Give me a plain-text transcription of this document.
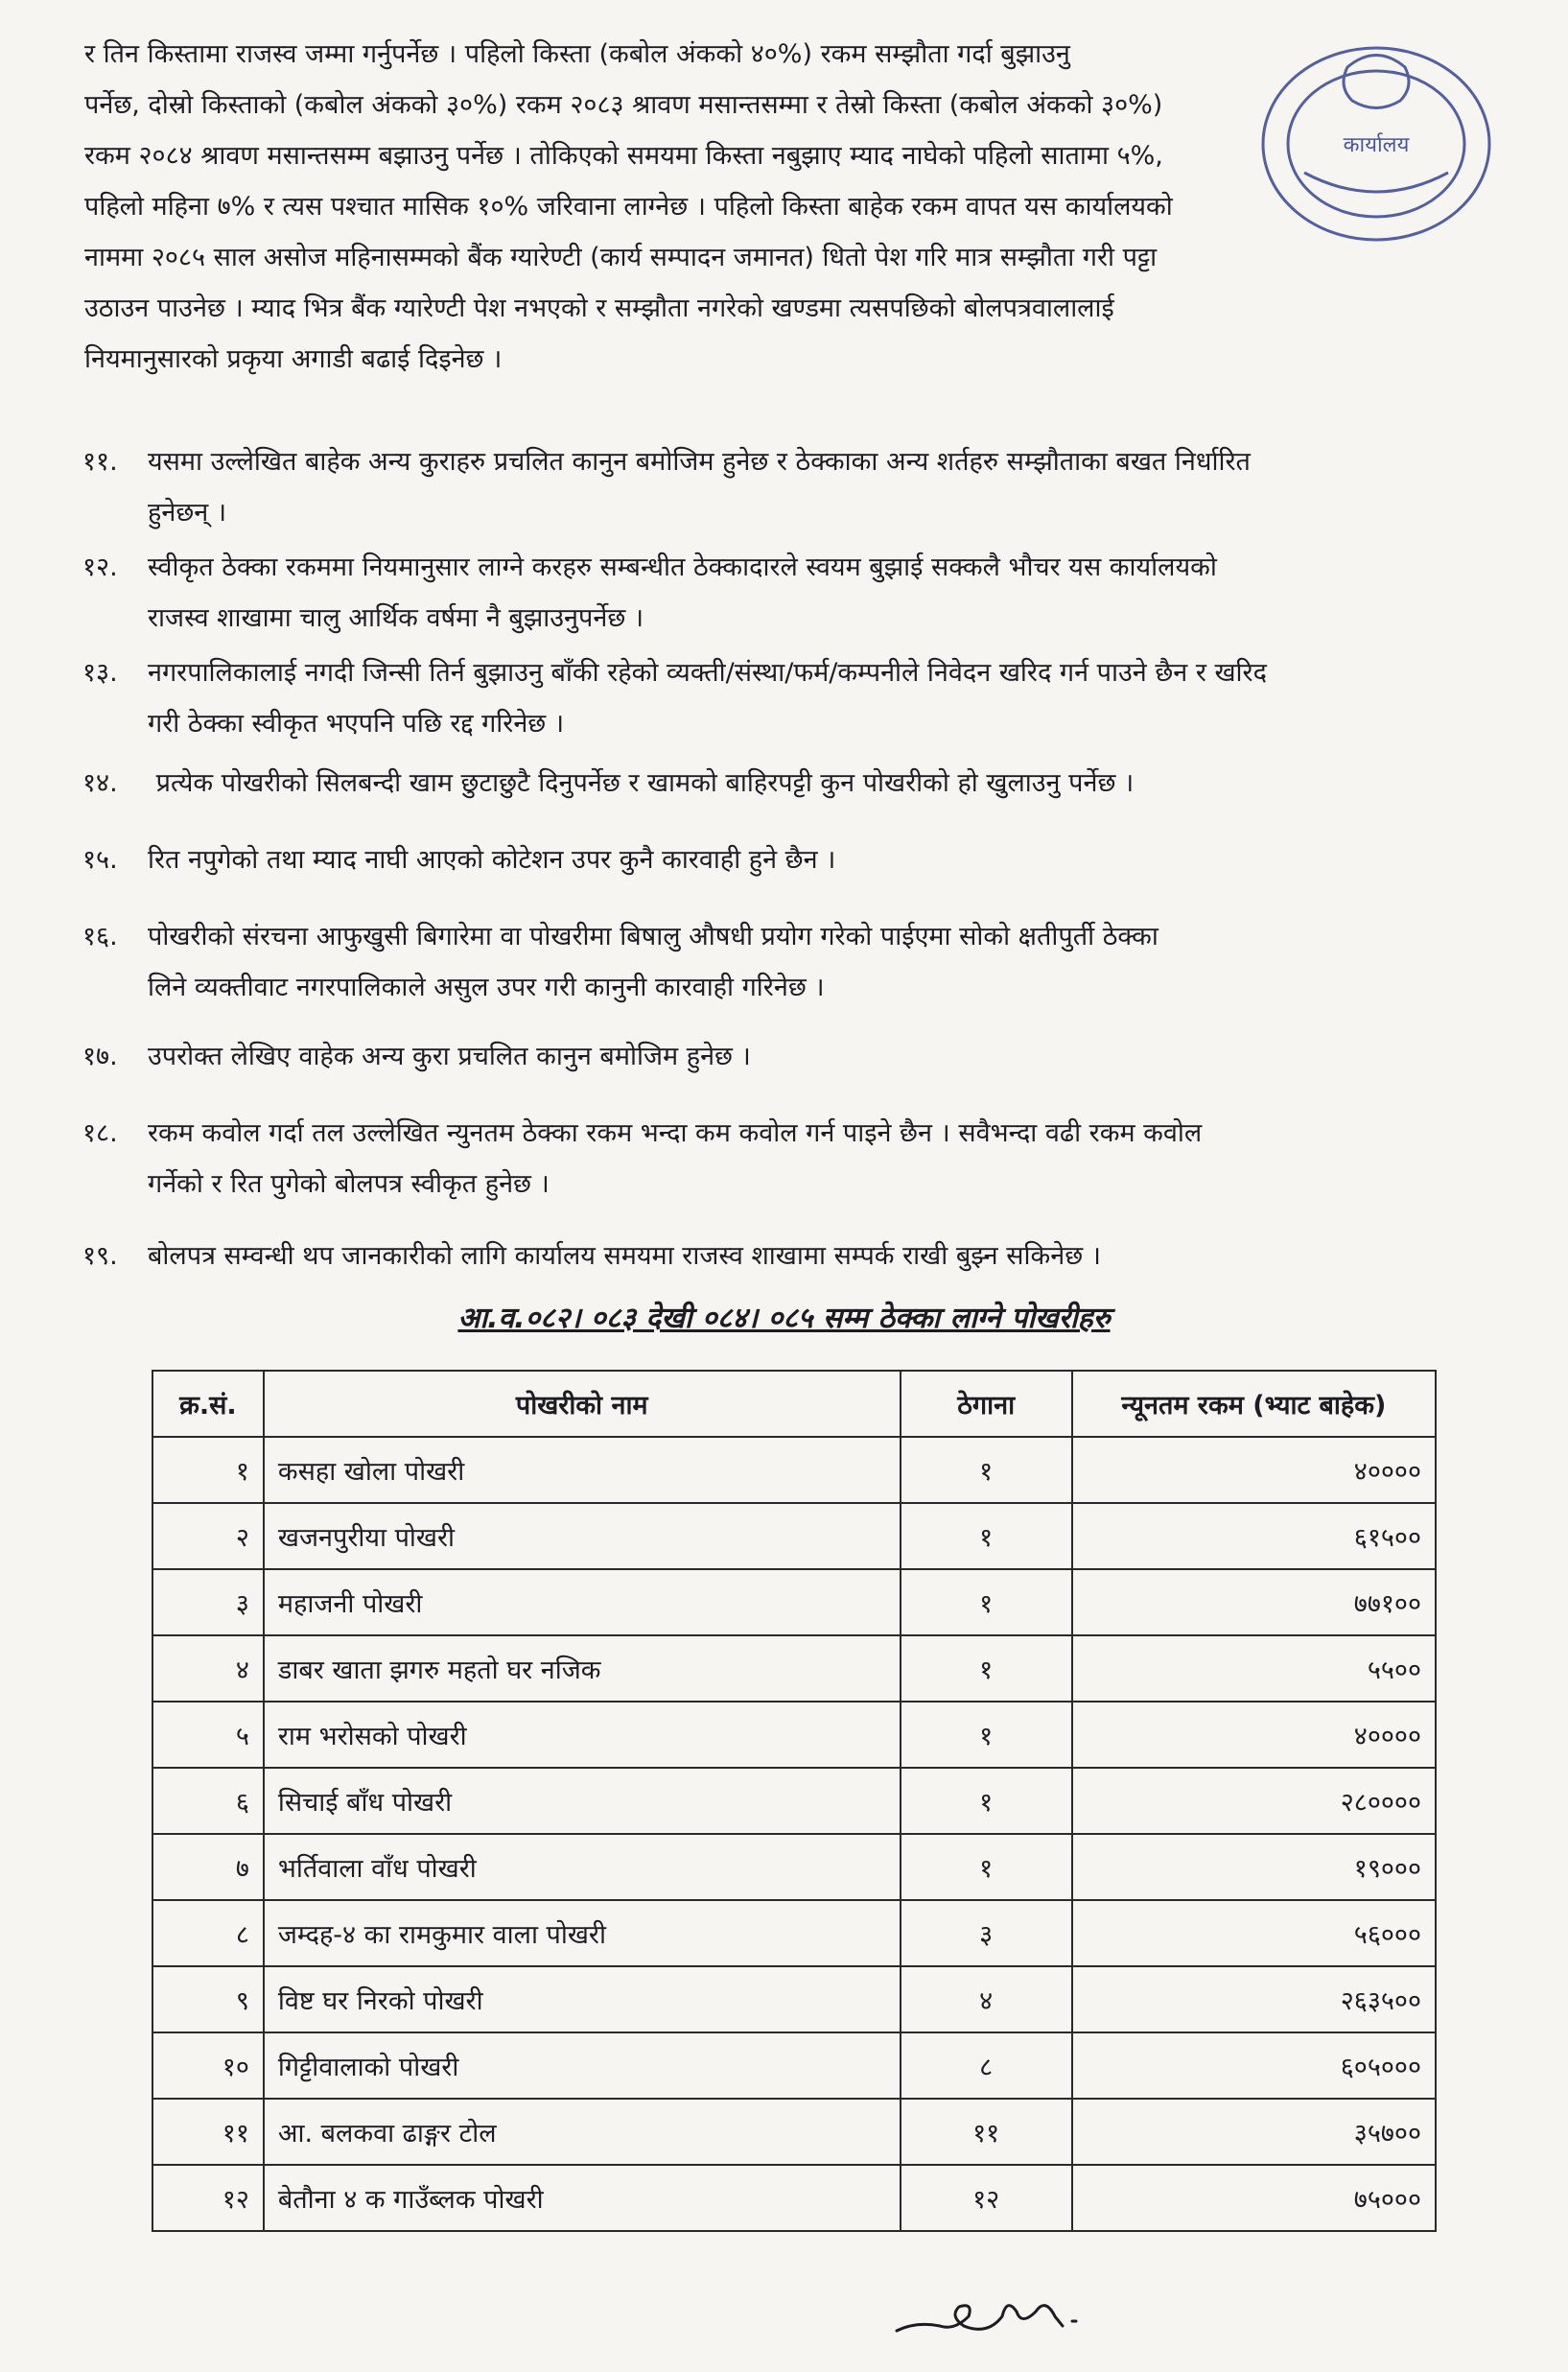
र तिन किस्तामा राजस्व जम्मा गर्नुपर्नेछ । पहिलो किस्ता (कबोल अंकको ४०%) रकम सम्झौता गर्दा बुझाउनु
पर्नेछ, दोस्रो किस्ताको (कबोल अंकको ३०%) रकम २०८३ श्रावण मसान्तसम्मा र तेस्रो किस्ता (कबोल अंकको ३०%)
रकम २०८४ श्रावण मसान्तसम्म बझाउनु पर्नेछ । तोकिएको समयमा किस्ता नबुझाए म्याद नाघेको पहिलो सातामा ५%,
पहिलो महिना ७% र त्यस पश्चात मासिक १०% जरिवाना लाग्नेछ । पहिलो किस्ता बाहेक रकम वापत यस कार्यालयको
नाममा २०८५ साल असोज महिनासम्मको बैंक ग्यारेण्टी (कार्य सम्पादन जमानत) धितो पेश गरि मात्र सम्झौता गरी पट्टा
उठाउन पाउनेछ । म्याद भित्र बैंक ग्यारेण्टी पेश नभएको र सम्झौता नगरेको खण्डमा त्यसपछिको बोलपत्रवालालाई
नियमानुसारको प्रकृया अगाडी बढाई दिइनेछ ।
११. यसमा उल्लेखित बाहेक अन्य कुराहरु प्रचलित कानुन बमोजिम हुनेछ र ठेक्काका अन्य शर्तहरु सम्झौताका बखत निर्धारित
हुनेछन् ।
१२. स्वीकृत ठेक्का रकममा नियमानुसार लाग्ने करहरु सम्बन्धीत ठेक्कादारले स्वयम बुझाई सक्कलै भौचर यस कार्यालयको
राजस्व शाखामा चालु आर्थिक वर्षमा नै बुझाउनुपर्नेछ ।
१३. नगरपालिकालाई नगदी जिन्सी तिर्न बुझाउनु बाँकी रहेको व्यक्ती/संस्था/फर्म/कम्पनीले निवेदन खरिद गर्न पाउने छैन र खरिद
गरी ठेक्का स्वीकृत भएपनि पछि रद्द गरिनेछ ।
१४. प्रत्येक पोखरीको सिलबन्दी खाम छुटाछुटै दिनुपर्नेछ र खामको बाहिरपट्टी कुन पोखरीको हो खुलाउनु पर्नेछ ।
१५. रित नपुगेको तथा म्याद नाघी आएको कोटेशन उपर कुनै कारवाही हुने छैन ।
१६. पोखरीको संरचना आफुखुसी बिगारेमा वा पोखरीमा बिषालु औषधी प्रयोग गरेको पाईएमा सोको क्षतीपुर्ती ठेक्का
लिने व्यक्तीवाट नगरपालिकाले असुल उपर गरी कानुनी कारवाही गरिनेछ ।
१७. उपरोक्त लेखिए वाहेक अन्य कुरा प्रचलित कानुन बमोजिम हुनेछ ।
१८. रकम कवोल गर्दा तल उल्लेखित न्युनतम ठेक्का रकम भन्दा कम कवोल गर्न पाइने छैन । सवैभन्दा वढी रकम कवोल
गर्नेको र रित पुगेको बोलपत्र स्वीकृत हुनेछ ।
१९. बोलपत्र सम्वन्धी थप जानकारीको लागि कार्यालय समयमा राजस्व शाखामा सम्पर्क राखी बुझ्न सकिनेछ ।
आ.व.०८२। ०८३ देखी ०८४। ०८५ सम्म ठेक्का लाग्ने पोखरीहरु
क्र.सं.	पोखरीको नाम	ठेगाना	न्यूनतम रकम (भ्याट बाहेक)
१	कसहा खोला पोखरी	१	४००००
२	खजनपुरीया पोखरी	१	६१५००
३	महाजनी पोखरी	१	७७१००
४	डाबर खाता झगरु महतो घर नजिक	१	५५००
५	राम भरोसको पोखरी	१	४००००
६	सिचाई बाँध पोखरी	१	२८००००
७	भर्तिवाला वाँध पोखरी	१	१९०००
८	जम्दह-४ का रामकुमार वाला पोखरी	३	५६०००
९	विष्ट घर निरको पोखरी	४	२६३५००
१०	गिट्टीवालाको पोखरी	८	६०५०००
११	आ. बलकवा ढाङ्गर टोल	११	३५७००
१२	बेतौना ४ क गाउँब्लक पोखरी	१२	७५०००
कार्यालय
